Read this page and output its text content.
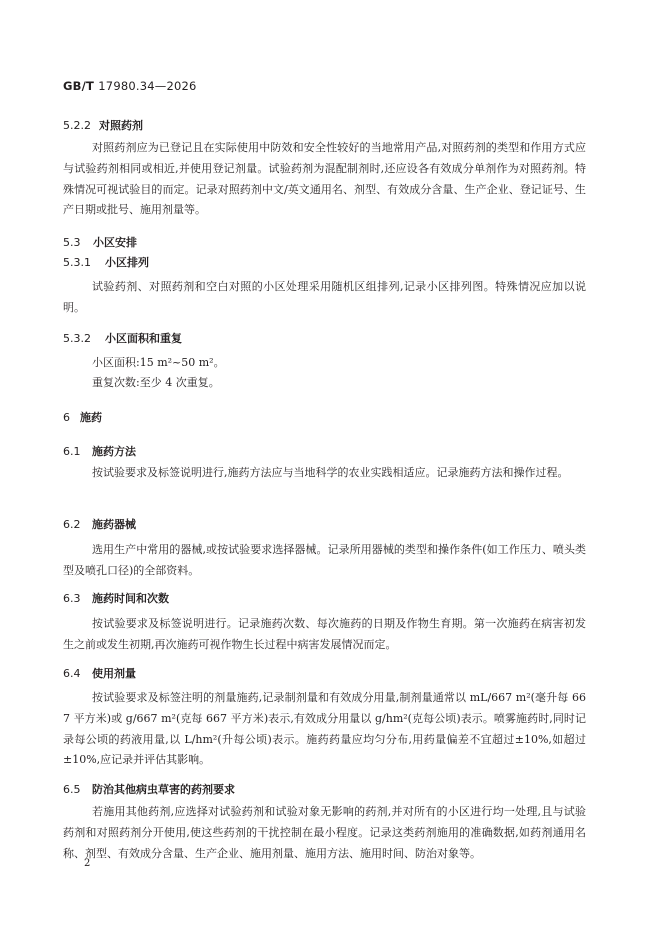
GB/T 17980.34—2026
5.2.2 对照药剂

对照药剂应为已登记且在实际使用中防效和安全性较好的当地常用产品,对照药剂的类型和作用方式应与试验药剂相同或相近,并使用登记剂量。试验药剂为混配制剂时,还应设各有效成分单剂作为对照药剂。特殊情况可视试验目的而定。记录对照药剂中文/英文通用名、剂型、有效成分含量、生产企业、登记证号、生产日期或批号、施用剂量等。

5.3 小区安排
5.3.1 小区排列

试验药剂、对照药剂和空白对照的小区处理采用随机区组排列,记录小区排列图。特殊情况应加以说明。

5.3.2 小区面积和重复
小区面积:15 m²~50 m²。
重复次数:至少 4 次重复。
6 施药
6.1 施药方法

按试验要求及标签说明进行,施药方法应与当地科学的农业实践相适应。记录施药方法和操作过程。

6.2 施药器械

选用生产中常用的器械,或按试验要求选择器械。记录所用器械的类型和操作条件(如工作压力、喷头类型及喷孔口径)的全部资料。

6.3 施药时间和次数

按试验要求及标签说明进行。记录施药次数、每次施药的日期及作物生育期。第一次施药在病害初发生之前或发生初期,再次施药可视作物生长过程中病害发展情况而定。

6.4 使用剂量

按试验要求及标签注明的剂量施药,记录制剂量和有效成分用量,制剂量通常以 mL/667 m²(毫升每 667 平方米)或 g/667 m²(克每 667 平方米)表示,有效成分用量以 g/hm²(克每公顷)表示。喷雾施药时,同时记录每公顷的药液用量,以 L/hm²(升每公顷)表示。施药药量应均匀分布,用药量偏差不宜超过±10%,如超过±10%,应记录并评估其影响。

6.5 防治其他病虫草害的药剂要求

若施用其他药剂,应选择对试验药剂和试验对象无影响的药剂,并对所有的小区进行均一处理,且与试验药剂和对照药剂分开使用,使这些药剂的干扰控制在最小程度。记录这类药剂施用的准确数据,如药剂通用名称、剂型、有效成分含量、生产企业、施用剂量、施用方法、施用时间、防治对象等。

2
